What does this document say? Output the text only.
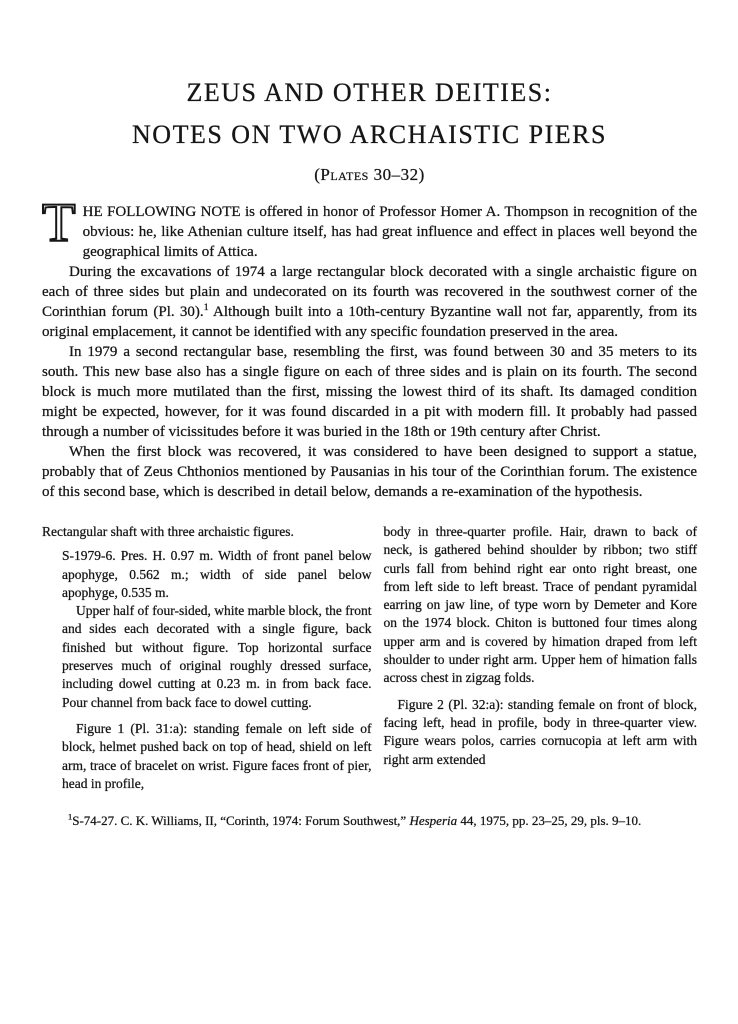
ZEUS AND OTHER DEITIES:
NOTES ON TWO ARCHAISTIC PIERS
(Plates 30–32)

THE FOLLOWING NOTE is offered in honor of Professor Homer A. Thompson in recognition of the obvious: he, like Athenian culture itself, has had great influence and effect in places well beyond the geographical limits of Attica.

During the excavations of 1974 a large rectangular block decorated with a single archaistic figure on each of three sides but plain and undecorated on its fourth was recovered in the southwest corner of the Corinthian forum (Pl. 30).$^1$ Although built into a 10th-century Byzantine wall not far, apparently, from its original emplacement, it cannot be identified with any specific foundation preserved in the area.

In 1979 a second rectangular base, resembling the first, was found between 30 and 35 meters to its south. This new base also has a single figure on each of three sides and is plain on its fourth. The second block is much more mutilated than the first, missing the lowest third of its shaft. Its damaged condition might be expected, however, for it was found discarded in a pit with modern fill. It probably had passed through a number of vicissitudes before it was buried in the 18th or 19th century after Christ.

When the first block was recovered, it was considered to have been designed to support a statue, probably that of Zeus Chthonios mentioned by Pausanias in his tour of the Corinthian forum. The existence of this second base, which is described in detail below, demands a re-examination of the hypothesis.

Rectangular shaft with three archaistic figures.

S-1979-6. Pres. H. 0.97 m. Width of front panel below apophyge, 0.562 m.; width of side panel below apophyge, 0.535 m.

Upper half of four-sided, white marble block, the front and sides each decorated with a single figure, back finished but without figure. Top horizontal surface preserves much of original roughly dressed surface, including dowel cutting at 0.23 m. in from back face. Pour channel from back face to dowel cutting.

Figure 1 (Pl. 31:a): standing female on left side of block, helmet pushed back on top of head, shield on left arm, trace of bracelet on wrist. Figure faces front of pier, head in profile,

body in three-quarter profile. Hair, drawn to back of neck, is gathered behind shoulder by ribbon; two stiff curls fall from behind right ear onto right breast, one from left side to left breast. Trace of pendant pyramidal earring on jaw line, of type worn by Demeter and Kore on the 1974 block. Chiton is buttoned four times along upper arm and is covered by himation draped from left shoulder to under right arm. Upper hem of himation falls across chest in zigzag folds.

Figure 2 (Pl. 32:a): standing female on front of block, facing left, head in profile, body in three-quarter view. Figure wears polos, carries cornucopia at left arm with right arm extended

$^1$S-74-27. C. K. Williams, II, “Corinth, 1974: Forum Southwest,” Hesperia 44, 1975, pp. 23–25, 29, pls. 9–10.
